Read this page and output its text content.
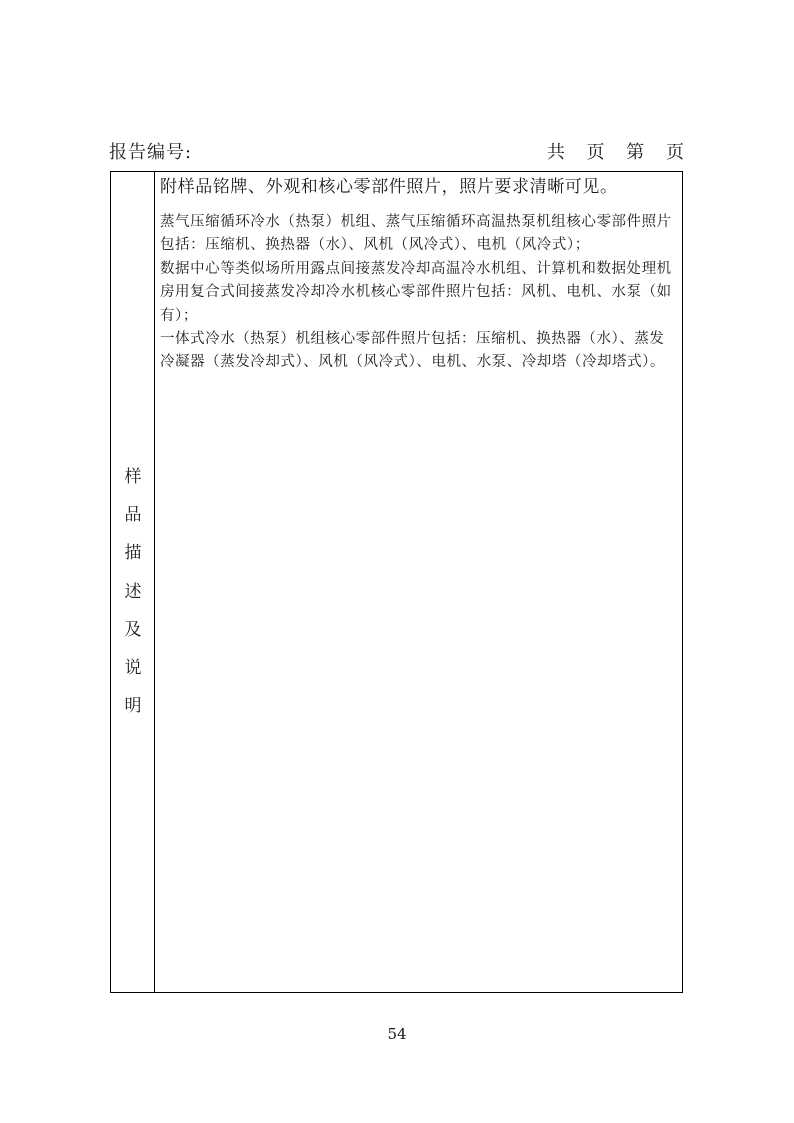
报告编号:	共 页 第 页
样
品
描
述
及
说
明

附样品铭牌、外观和核心零部件照片，照片要求清晰可见。

蒸气压缩循环冷水（热泵）机组、蒸气压缩循环高温热泵机组核心零部件照片包括：压缩机、换热器（水）、风机（风冷式）、电机（风冷式）；

数据中心等类似场所用露点间接蒸发冷却高温冷水机组、计算机和数据处理机房用复合式间接蒸发冷却冷水机核心零部件照片包括：风机、电机、水泵（如有）；

一体式冷水（热泵）机组核心零部件照片包括：压缩机、换热器（水）、蒸发冷凝器（蒸发冷却式）、风机（风冷式）、电机、水泵、冷却塔（冷却塔式）。

54
